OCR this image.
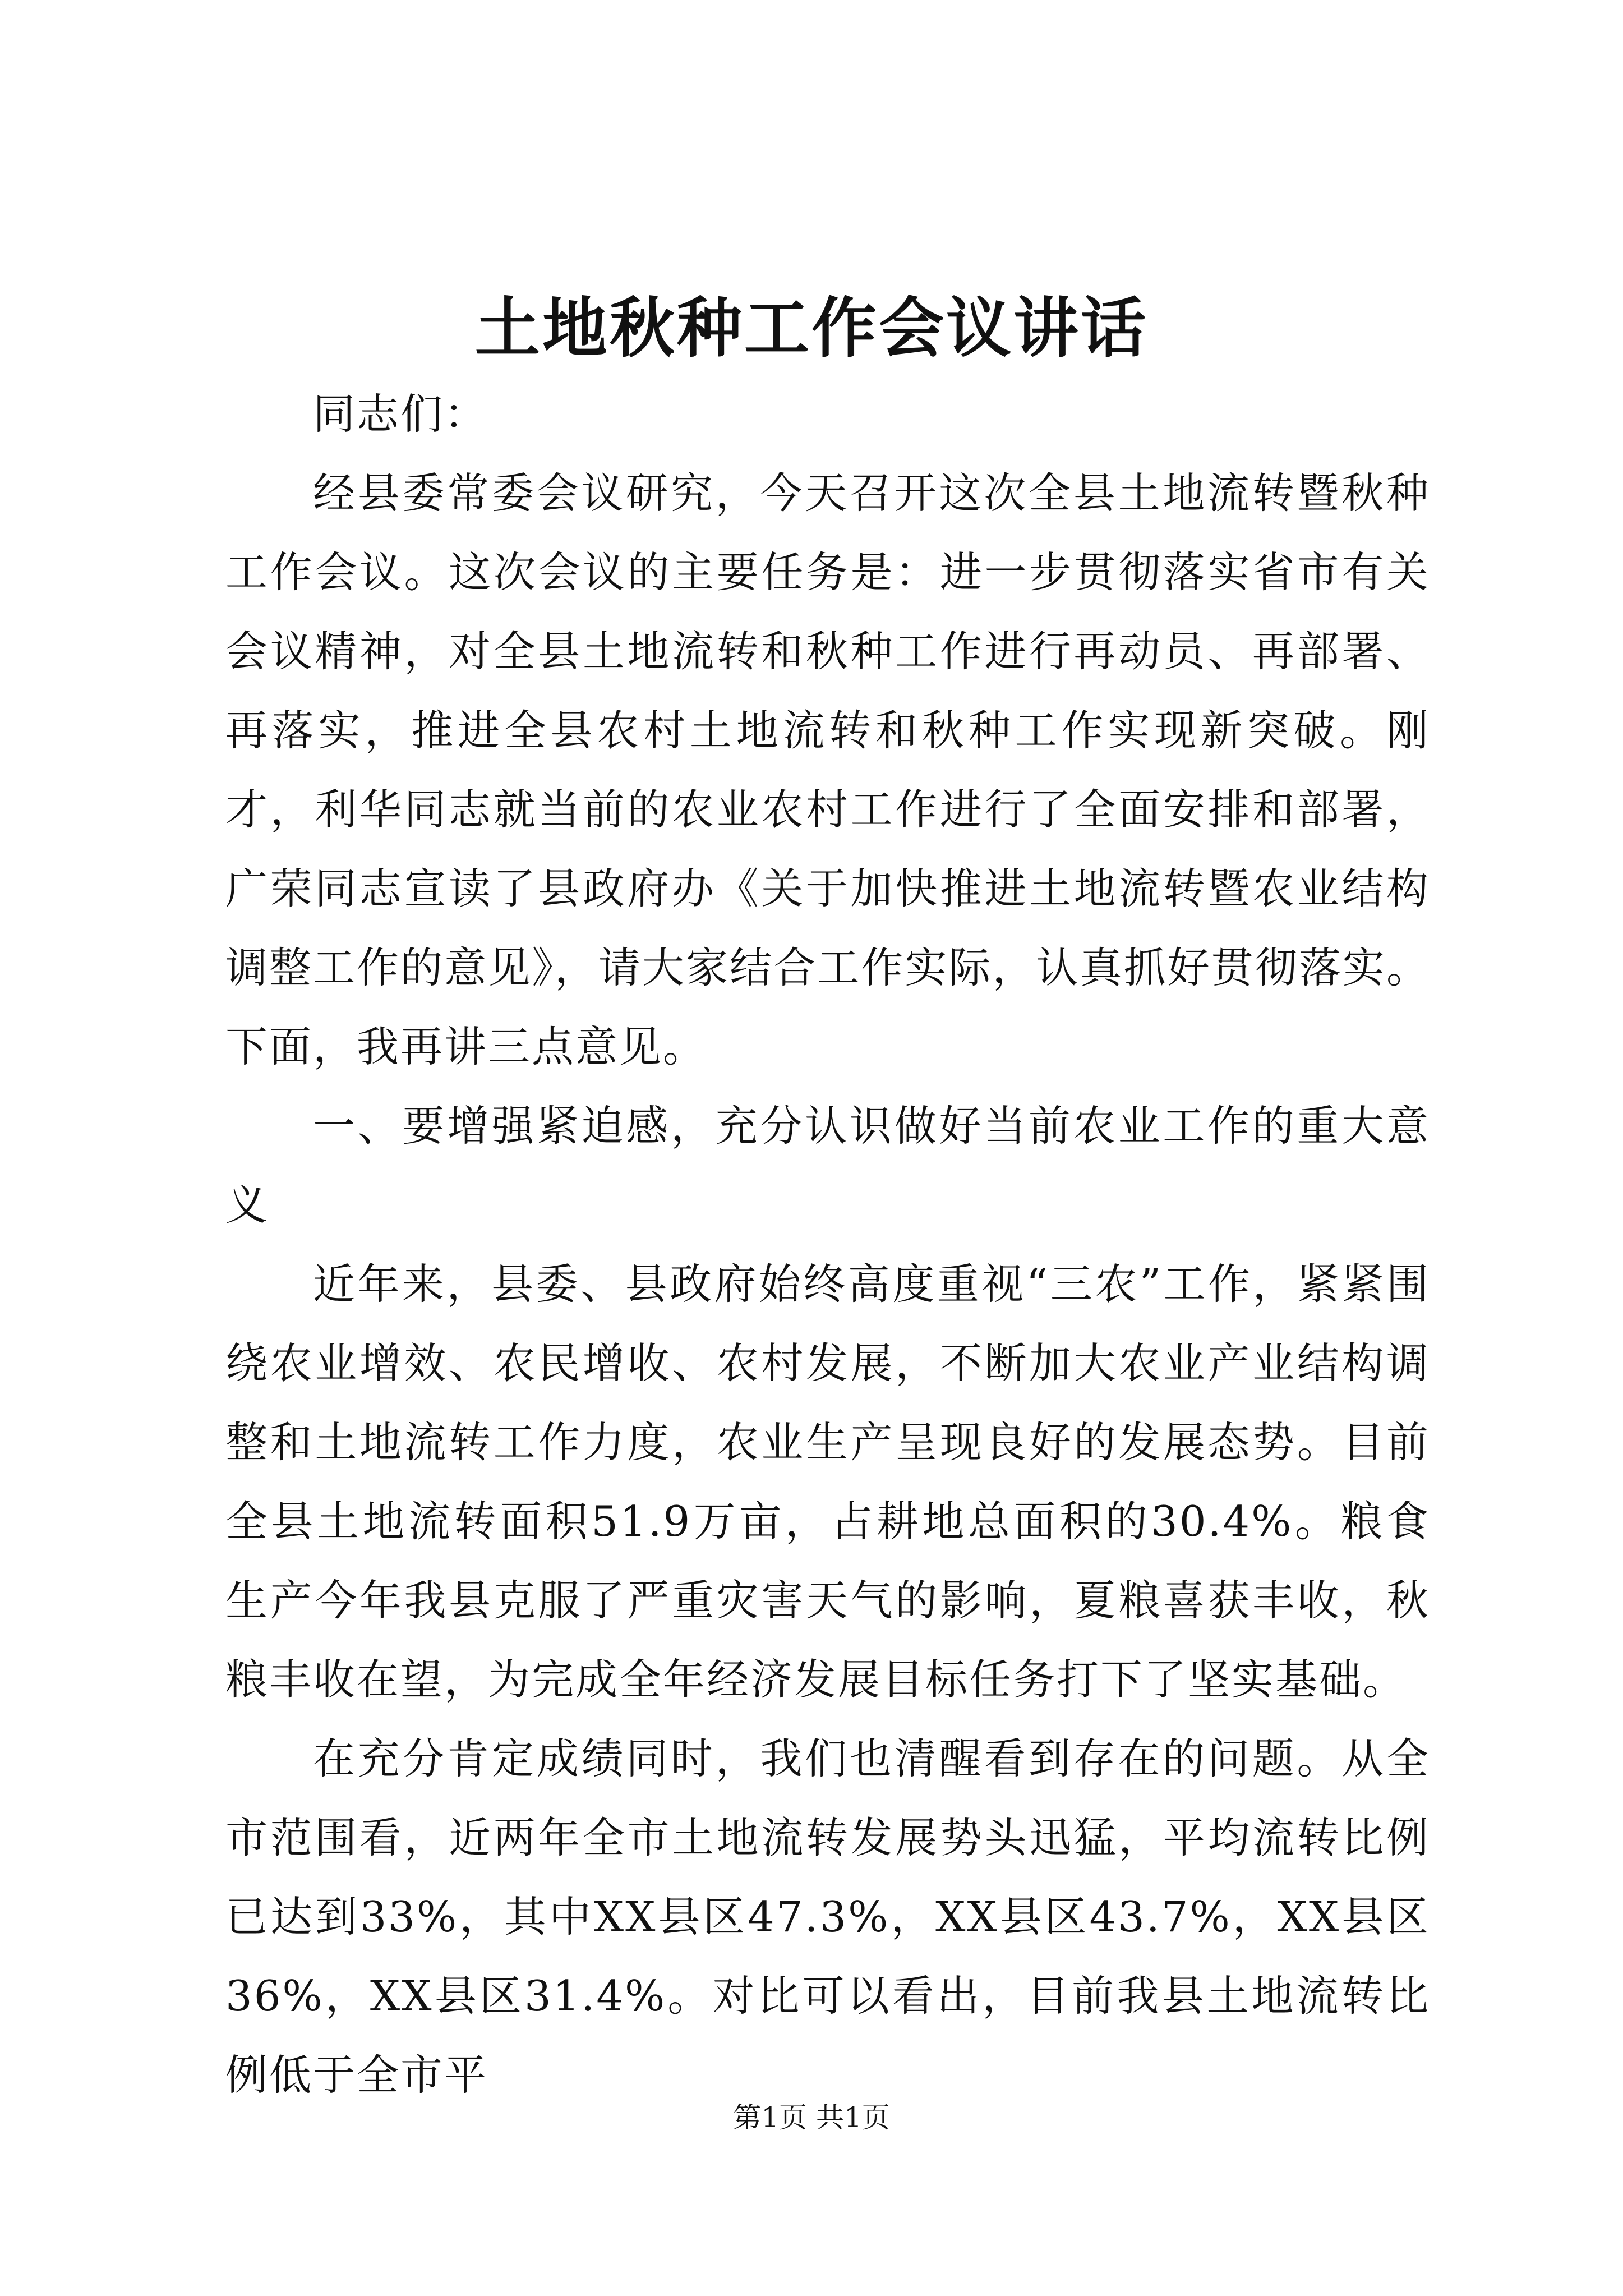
土地秋种工作会议讲话

同志们：

经县委常委会议研究，今天召开这次全县土地流转暨秋种工作会议。这次会议的主要任务是：进一步贯彻落实省市有关会议精神，对全县土地流转和秋种工作进行再动员、再部署、再落实，推进全县农村土地流转和秋种工作实现新突破。刚才，利华同志就当前的农业农村工作进行了全面安排和部署，广荣同志宣读了县政府办《关于加快推进土地流转暨农业结构调整工作的意见》，请大家结合工作实际，认真抓好贯彻落实。下面，我再讲三点意见。

一、要增强紧迫感，充分认识做好当前农业工作的重大意义

近年来，县委、县政府始终高度重视“三农”工作，紧紧围绕农业增效、农民增收、农村发展，不断加大农业产业结构调整和土地流转工作力度，农业生产呈现良好的发展态势。目前全县土地流转面积51.9万亩，占耕地总面积的30.4%。粮食生产今年我县克服了严重灾害天气的影响，夏粮喜获丰收，秋粮丰收在望，为完成全年经济发展目标任务打下了坚实基础。

在充分肯定成绩同时，我们也清醒看到存在的问题。从全市范围看，近两年全市土地流转发展势头迅猛，平均流转比例已达到33%，其中XX县区47.3%，XX县区43.7%，XX县区36%，XX县区31.4%。对比可以看出，目前我县土地流转比例低于全市平

第1页 共1页
